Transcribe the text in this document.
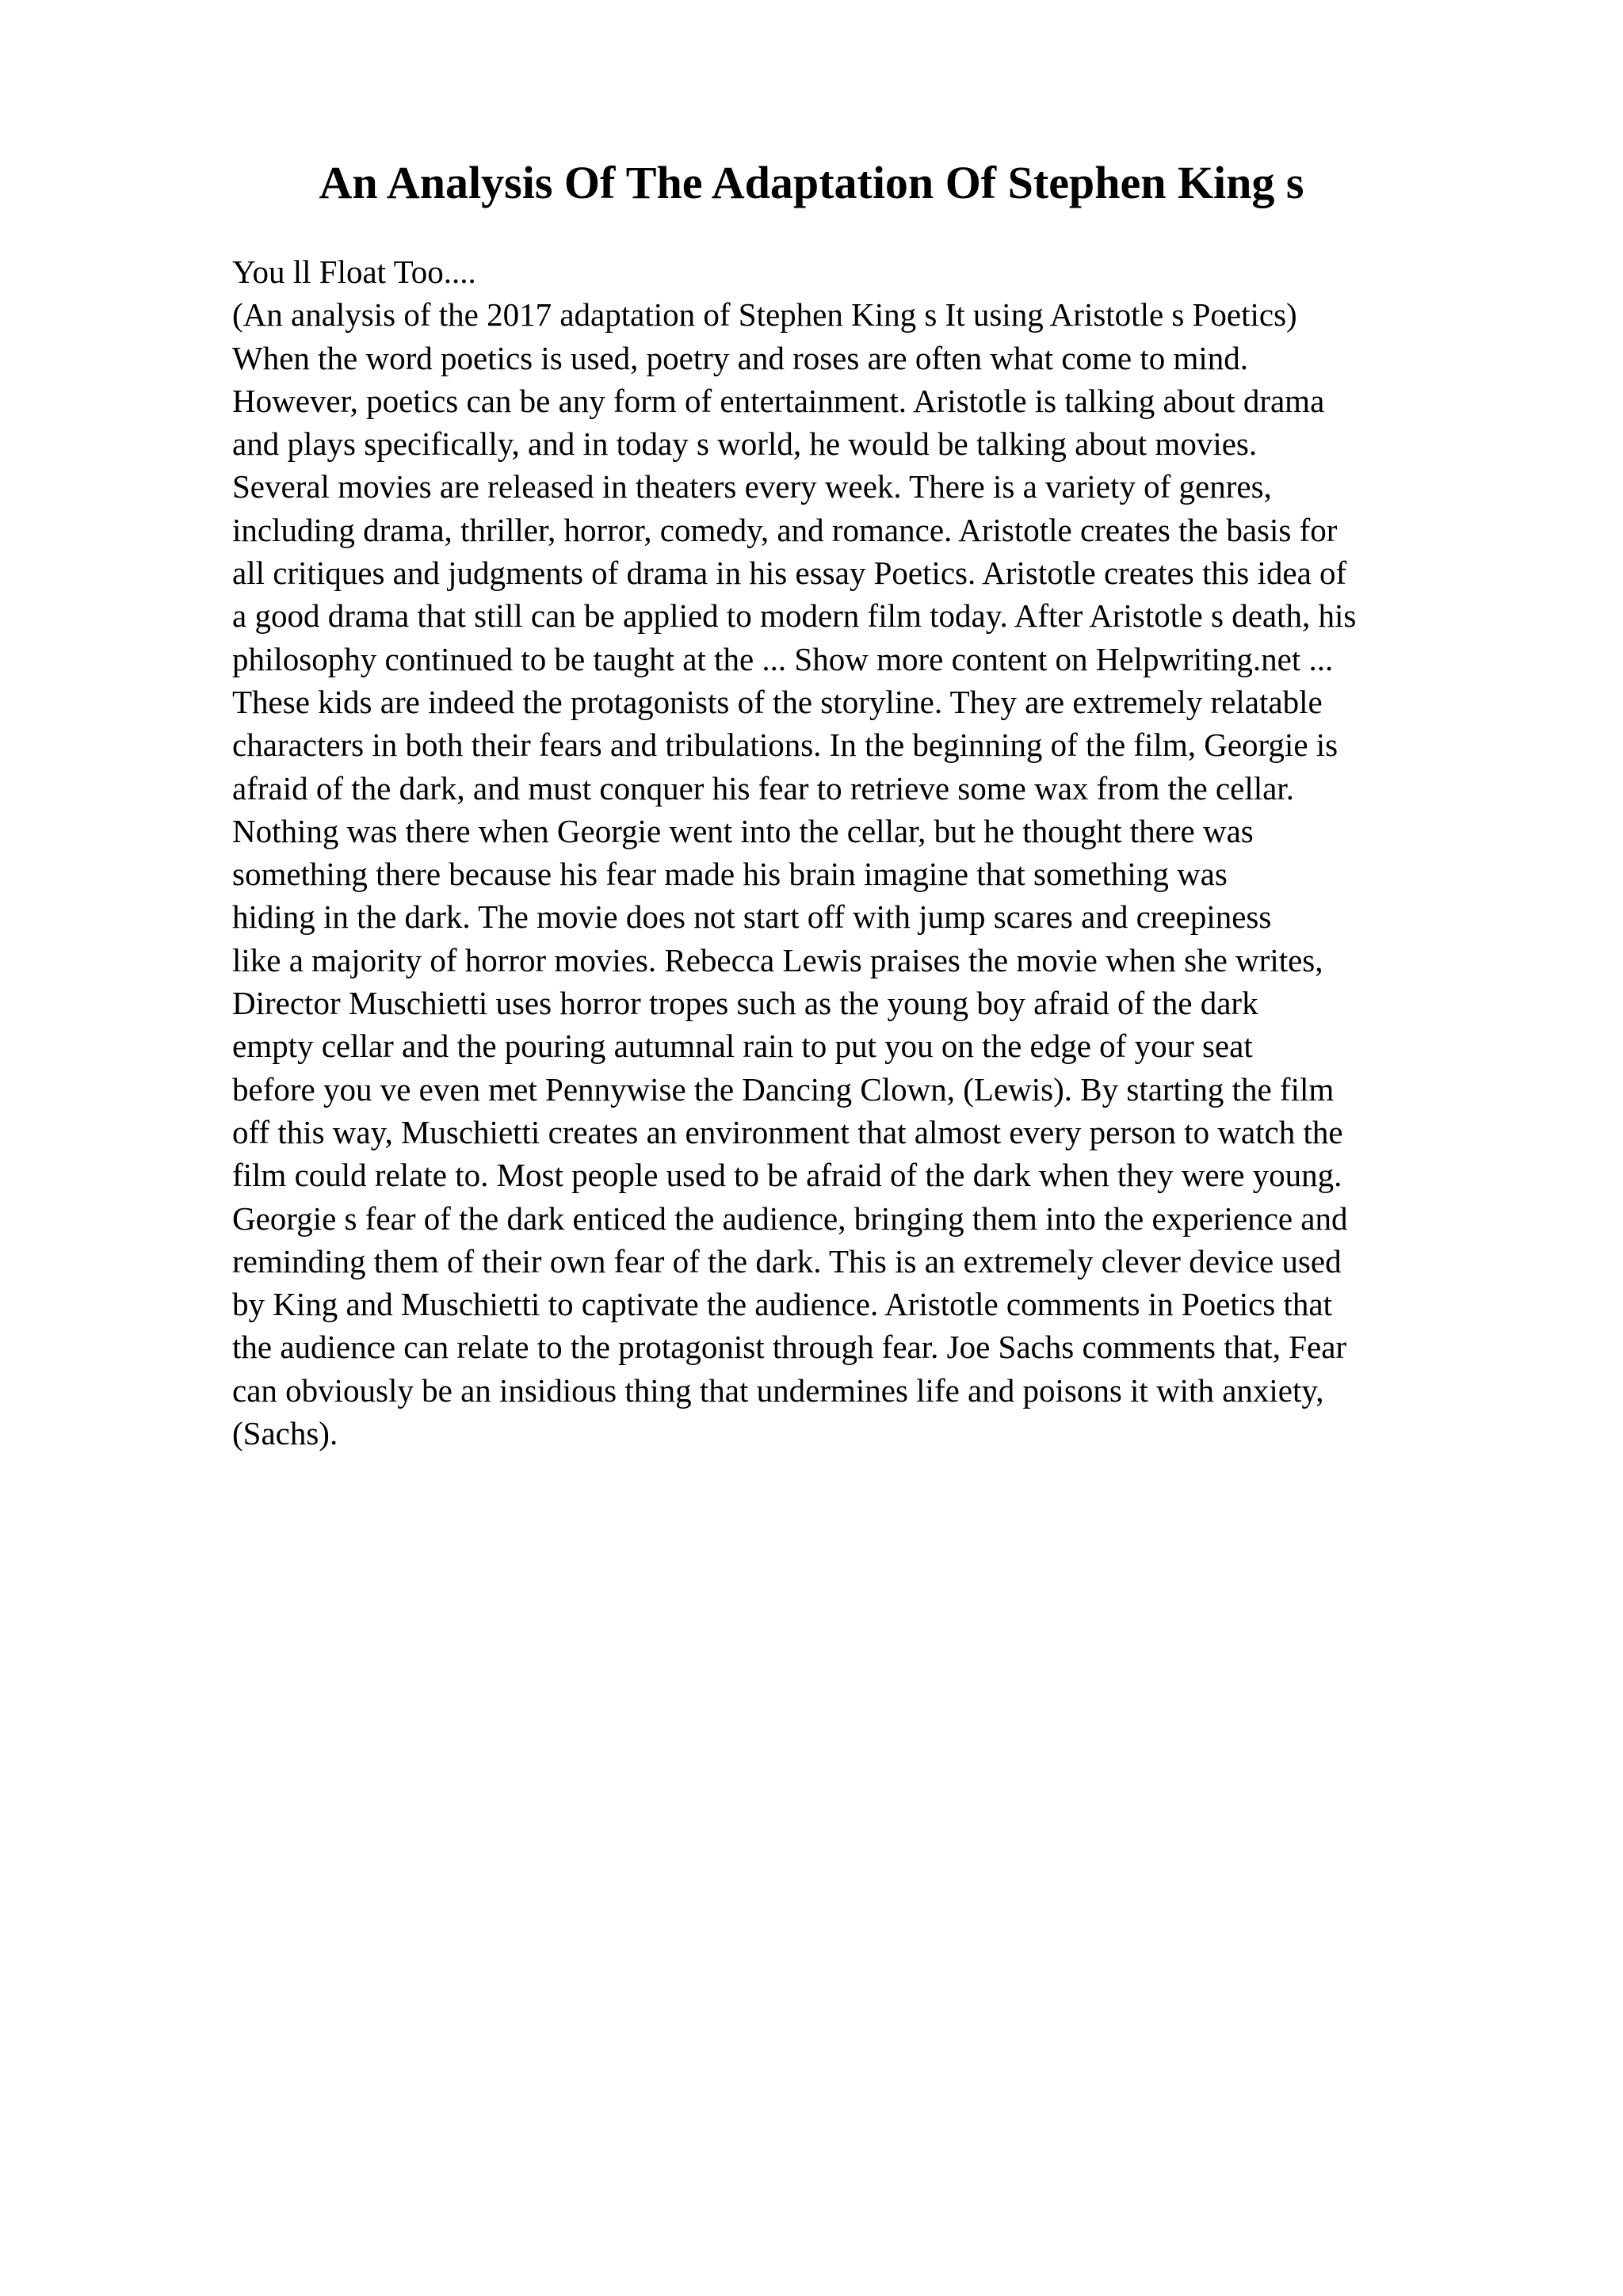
An Analysis Of The Adaptation Of Stephen King s
You ll Float Too....
(An analysis of the 2017 adaptation of Stephen King s It using Aristotle s Poetics)
When the word poetics is used, poetry and roses are often what come to mind.
However, poetics can be any form of entertainment. Aristotle is talking about drama
and plays specifically, and in today s world, he would be talking about movies.
Several movies are released in theaters every week. There is a variety of genres,
including drama, thriller, horror, comedy, and romance. Aristotle creates the basis for
all critiques and judgments of drama in his essay Poetics. Aristotle creates this idea of
a good drama that still can be applied to modern film today. After Aristotle s death, his
philosophy continued to be taught at the ... Show more content on Helpwriting.net ...
These kids are indeed the protagonists of the storyline. They are extremely relatable
characters in both their fears and tribulations. In the beginning of the film, Georgie is
afraid of the dark, and must conquer his fear to retrieve some wax from the cellar.
Nothing was there when Georgie went into the cellar, but he thought there was
something there because his fear made his brain imagine that something was
hiding in the dark. The movie does not start off with jump scares and creepiness
like a majority of horror movies. Rebecca Lewis praises the movie when she writes,
Director Muschietti uses horror tropes such as the young boy afraid of the dark
empty cellar and the pouring autumnal rain to put you on the edge of your seat
before you ve even met Pennywise the Dancing Clown, (Lewis). By starting the film
off this way, Muschietti creates an environment that almost every person to watch the
film could relate to. Most people used to be afraid of the dark when they were young.
Georgie s fear of the dark enticed the audience, bringing them into the experience and
reminding them of their own fear of the dark. This is an extremely clever device used
by King and Muschietti to captivate the audience. Aristotle comments in Poetics that
the audience can relate to the protagonist through fear. Joe Sachs comments that, Fear
can obviously be an insidious thing that undermines life and poisons it with anxiety,
(Sachs).
